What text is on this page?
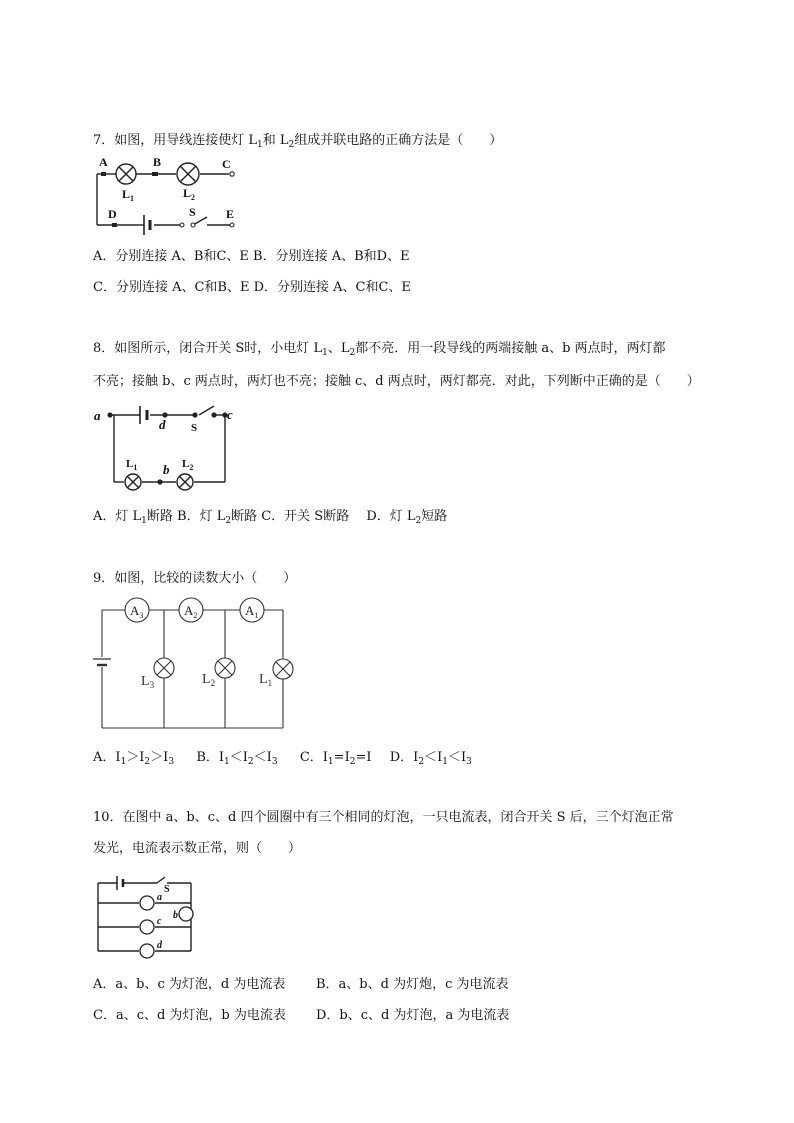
7．如图，用导线连接使灯 $L_1$和 $L_2$组成并联电路的正确方法是（　　）
A	B	C
D	S	E
$L_1$	$L_2$
A．分别连接 A、B和C、E B．分别连接 A、B和D、E
C．分别连接 A、C和B、E D．分别连接 A、C和C、E
8．如图所示，闭合开关 S时，小电灯 $L_1$、$L_2$都不亮．用一段导线的两端接触 a、b 两点时，两灯都
不亮；接触 b、c 两点时，两灯也不亮；接触 c、d 两点时，两灯都亮．对此，下列断中正确的是（　　）
a	c
d
b
S
$L_1$	$L_2$
A．灯 $L_1$断路 B．灯 $L_2$断路 C．开关 S断路　 D．灯 $L_2$短路
9．如图，比较的读数大小（　　）
$A_3$	$A_2$	$A_1$
$L_3$	$L_2$	$L_1$
A．$I_1>I_2>I_3$ B．$I_1<I_2<I_3$ C．$I_1=I_2=I$ D．$I_2<I_1<I_3$
10．在图中 a、b、c、d 四个圆圈中有三个相同的灯泡，一只电流表，闭合开关 S 后，三个灯泡正常
发光，电流表示数正常，则（　　）
a
b
c
d
S
A．a、b、c 为灯泡，d 为电流表 B．a、b、d 为灯炮，c 为电流表
C．a、c、d 为灯泡，b 为电流表 D．b、c、d 为灯泡，a 为电流表
